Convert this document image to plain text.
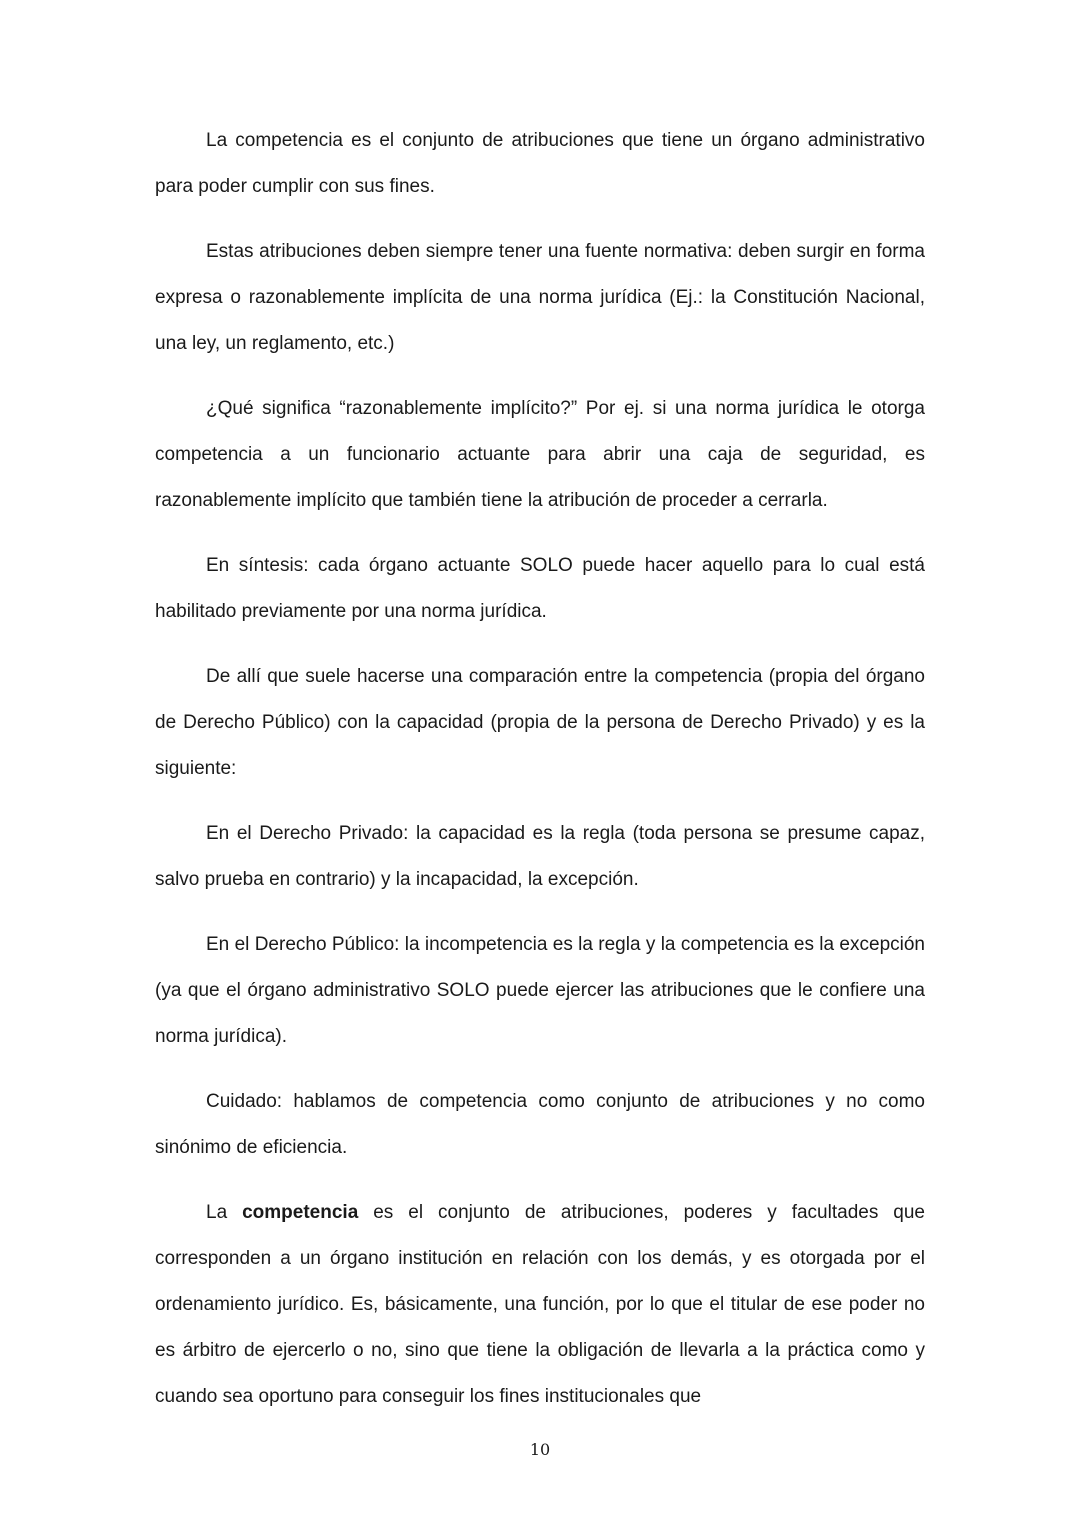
La competencia es el conjunto de atribuciones que tiene un órgano administrativo para poder cumplir con sus fines.

Estas atribuciones deben siempre tener una fuente normativa: deben surgir en forma expresa o razonablemente implícita de una norma jurídica (Ej.: la Constitución Nacional, una ley, un reglamento, etc.)

¿Qué significa “razonablemente implícito?” Por ej. si una norma jurídica le otorga competencia a un funcionario actuante para abrir una caja de seguridad, es razonablemente implícito que también tiene la atribución de proceder a cerrarla.

En síntesis: cada órgano actuante SOLO puede hacer aquello para lo cual está habilitado previamente por una norma jurídica.

De allí que suele hacerse una comparación entre la competencia (propia del órgano de Derecho Público) con la capacidad (propia de la persona de Derecho Privado) y es la siguiente:

En el Derecho Privado: la capacidad es la regla (toda persona se presume capaz, salvo prueba en contrario) y la incapacidad, la excepción.

En el Derecho Público: la incompetencia es la regla y la competencia es la excepción (ya que el órgano administrativo SOLO puede ejercer las atribuciones que le confiere una norma jurídica).

Cuidado: hablamos de competencia como conjunto de atribuciones y no como sinónimo de eficiencia.

La competencia es el conjunto de atribuciones, poderes y facultades que corresponden a un órgano institución en relación con los demás, y es otorgada por el ordenamiento jurídico. Es, básicamente, una función, por lo que el titular de ese poder no es árbitro de ejercerlo o no, sino que tiene la obligación de llevarla a la práctica como y cuando sea oportuno para conseguir los fines institucionales que

10
